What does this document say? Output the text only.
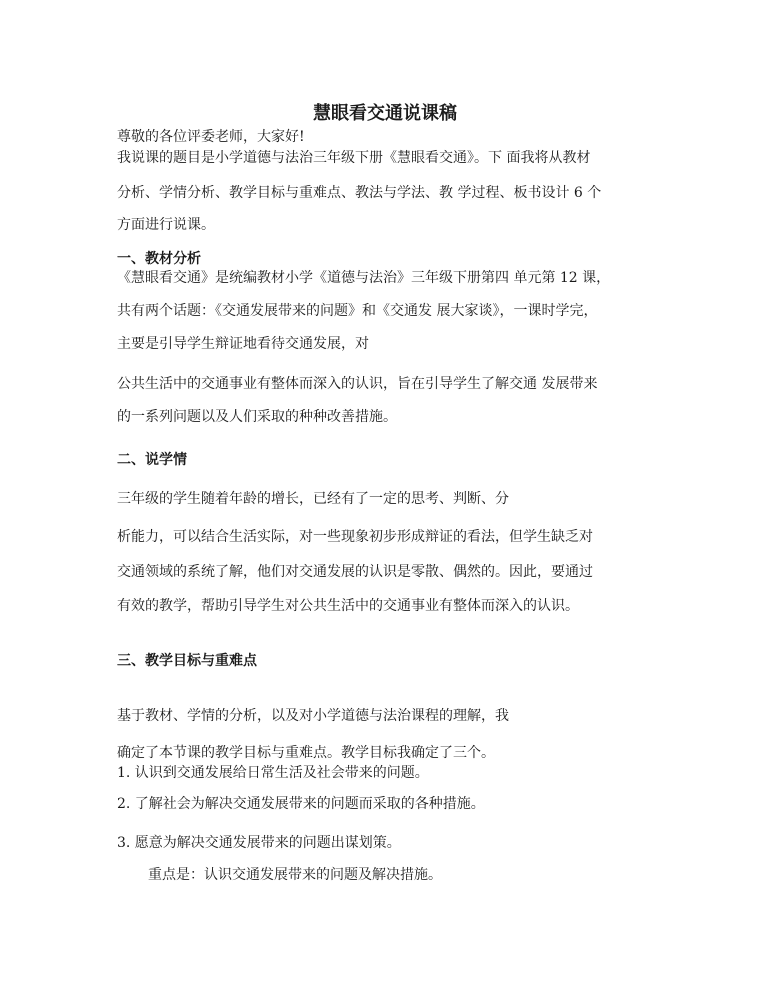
慧眼看交通说课稿
尊敬的各位评委老师，大家好!
我说课的题目是小学道德与法治三年级下册《慧眼看交通》。下 面我将从教材
分析、学情分析、教学目标与重难点、教法与学法、教 学过程、板书设计 6 个
方面进行说课。
一、教材分析
《慧眼看交通》是统编教材小学《道德与法治》三年级下册第四 单元第 12 课，
共有两个话题：《交通发展带来的问题》和《交通发 展大家谈》，一课时学完，
主要是引导学生辩证地看待交通发展，对
公共生活中的交通事业有整体而深入的认识，旨在引导学生了解交通 发展带来
的一系列问题以及人们采取的种种改善措施。
二、说学情
三年级的学生随着年龄的增长，已经有了一定的思考、判断、分
析能力，可以结合生活实际，对一些现象初步形成辩证的看法，但学生缺乏对
交通领域的系统了解，他们对交通发展的认识是零散、偶然的。因此，要通过
有效的教学，帮助引导学生对公共生活中的交通事业有整体而深入的认识。
三、教学目标与重难点
基于教材、学情的分析，以及对小学道德与法治课程的理解，我
确定了本节课的教学目标与重难点。教学目标我确定了三个。
1. 认识到交通发展给日常生活及社会带来的问题。
2. 了解社会为解决交通发展带来的问题而采取的各种措施。
3. 愿意为解决交通发展带来的问题出谋划策。
重点是：认识交通发展带来的问题及解决措施。
